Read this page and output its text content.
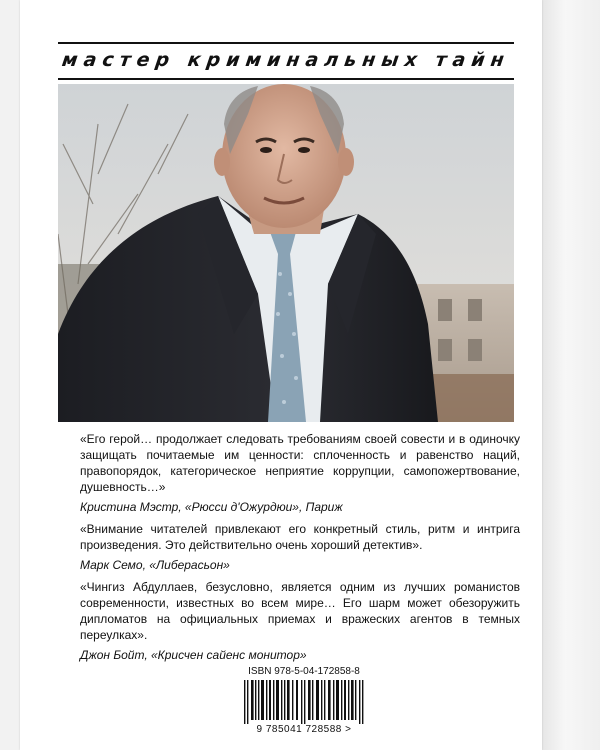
мастер криминальных тайн

«Его герой… продолжает следовать требованиям своей совести и в одиночку защищать почитаемые им ценности: сплоченность и равенство наций, правопорядок, категорическое неприятие коррупции, самопожертвование, душевность…»

Кристина Мэстр, «Рюсси д'Ожурдюи», Париж

«Внимание читателей привлекают его конкретный стиль, ритм и интрига произведения. Это действительно очень хороший детектив».

Марк Семо, «Либерасьон»

«Чингиз Абдуллаев, безусловно, является одним из лучших романистов современности, известных во всем мире… Его шарм может обезоружить дипломатов на официальных приемах и вражеских агентов в темных переулках».

Джон Бойт, «Крисчен сайенс монитор»

ISBN 978-5-04-172858-8
9 785041 728588 >
